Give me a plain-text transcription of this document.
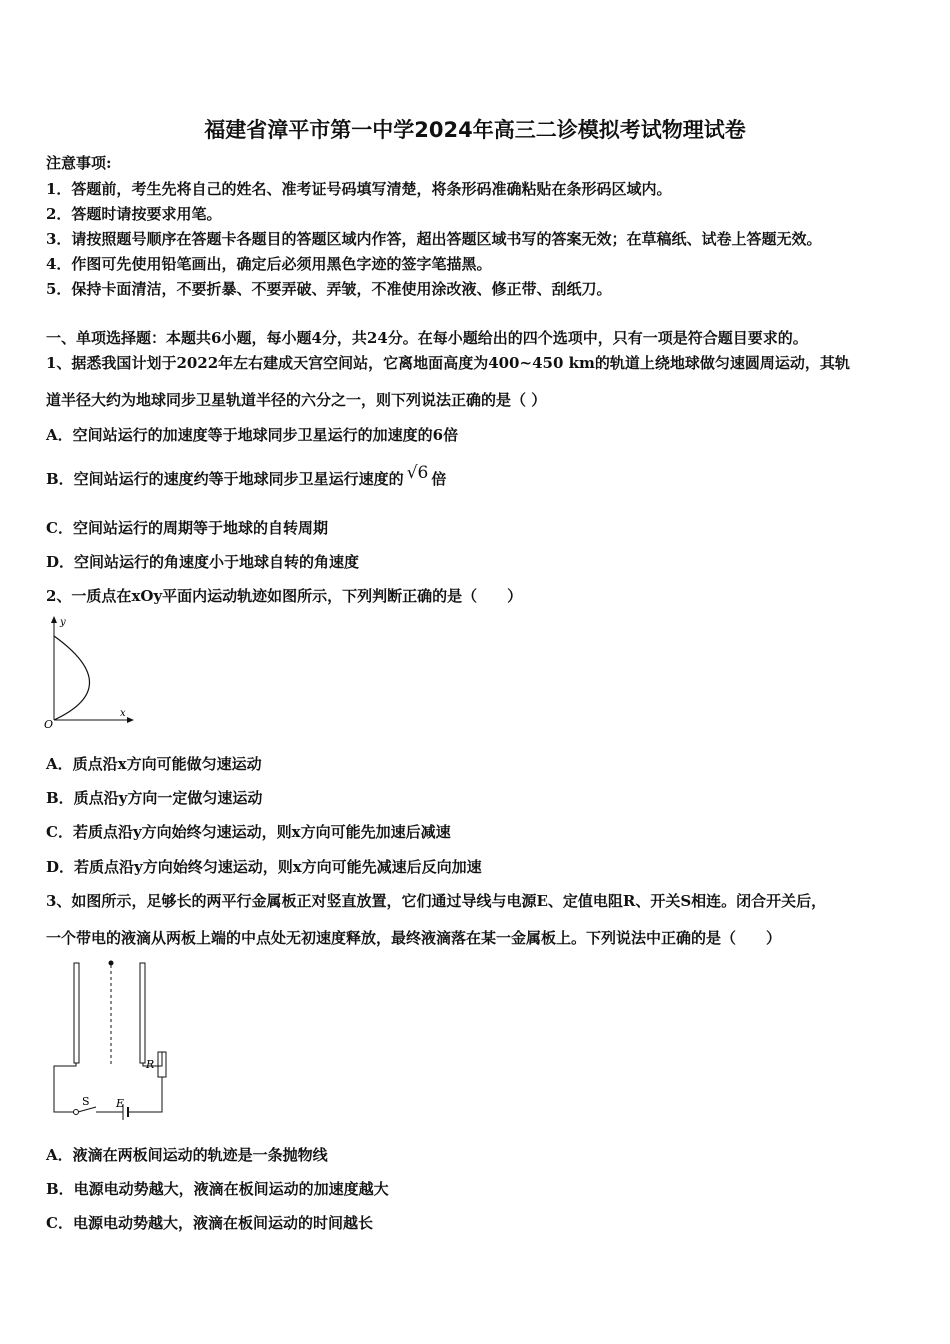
福建省漳平市第一中学2024年高三二诊模拟考试物理试卷
注意事项:
1．答题前，考生先将自己的姓名、准考证号码填写清楚，将条形码准确粘贴在条形码区域内。
2．答题时请按要求用笔。
3．请按照题号顺序在答题卡各题目的答题区域内作答，超出答题区域书写的答案无效；在草稿纸、试卷上答题无效。
4．作图可先使用铅笔画出，确定后必须用黑色字迹的签字笔描黑。
5．保持卡面清洁，不要折暴、不要弄破、弄皱，不准使用涂改液、修正带、刮纸刀。
一、单项选择题：本题共6小题，每小题4分，共24分。在每小题给出的四个选项中，只有一项是符合题目要求的。
1、据悉我国计划于2022年左右建成天宫空间站，它离地面高度为400~450 km的轨道上绕地球做匀速圆周运动，其轨
道半径大约为地球同步卫星轨道半径的六分之一，则下列说法正确的是（ ）
A．空间站运行的加速度等于地球同步卫星运行的加速度的6倍
B．空间站运行的速度约等于地球同步卫星运行速度的 √6 倍
C．空间站运行的周期等于地球的自转周期
D．空间站运行的角速度小于地球自转的角速度
2、一质点在xOy平面内运动轨迹如图所示，下列判断正确的是（　　）
y
x
O
A．质点沿x方向可能做匀速运动
B．质点沿y方向一定做匀速运动
C．若质点沿y方向始终匀速运动，则x方向可能先加速后减速
D．若质点沿y方向始终匀速运动，则x方向可能先减速后反向加速
3、如图所示，足够长的两平行金属板正对竖直放置，它们通过导线与电源E、定值电阻R、开关S相连。闭合开关后，
一个带电的液滴从两板上端的中点处无初速度释放，最终液滴落在某一金属板上。下列说法中正确的是（　　）
S E
R
A．液滴在两板间运动的轨迹是一条抛物线
B．电源电动势越大，液滴在板间运动的加速度越大
C．电源电动势越大，液滴在板间运动的时间越长
